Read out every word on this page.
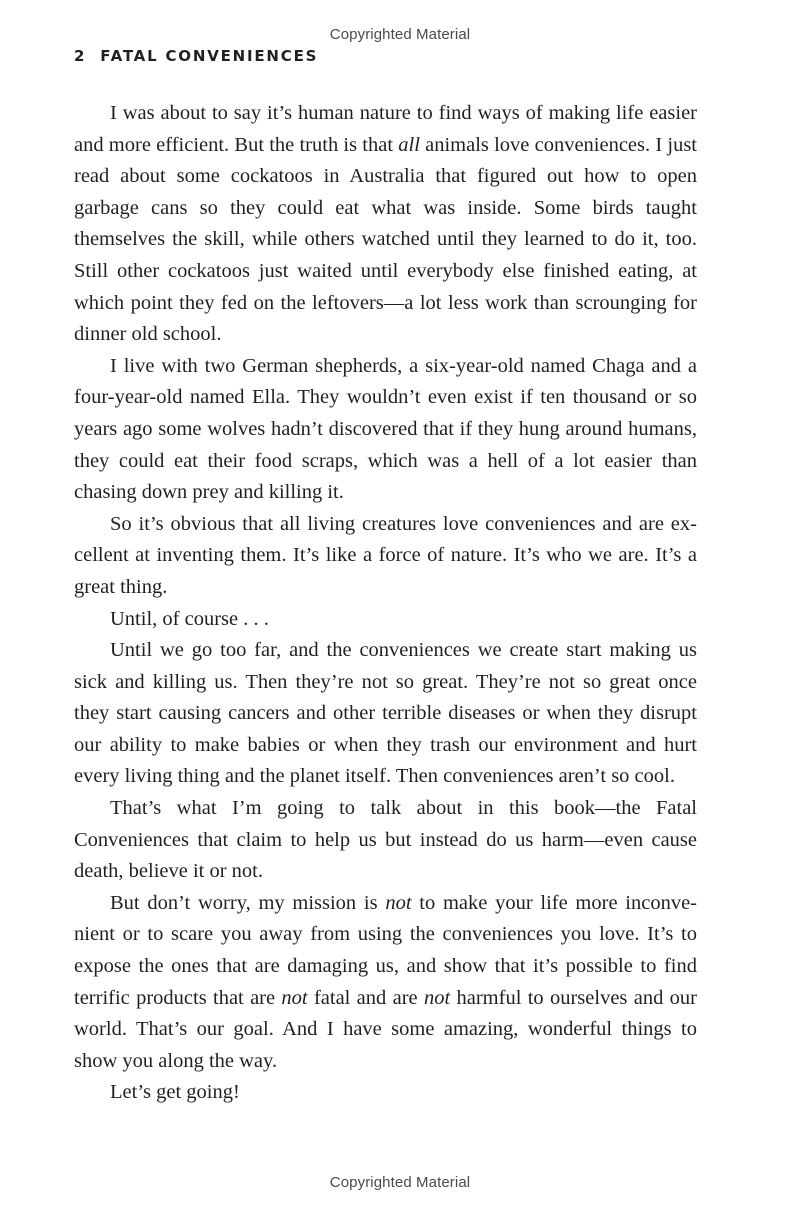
Copyrighted Material
2 FATAL CONVENIENCES

I was about to say it’s human nature to find ways of making life easier and more efficient. But the truth is that all animals love conveniences. I just read about some cockatoos in Australia that figured out how to open garbage cans so they could eat what was inside. Some birds taught themselves the skill, while others watched until they learned to do it, too. Still other cockatoos just waited until everybody else finished eating, at which point they fed on the leftovers—a lot less work than scrounging for dinner old school.

I live with two German shepherds, a six-year-old named Chaga and a four-year-old named Ella. They wouldn’t even exist if ten thousand or so years ago some wolves hadn’t discovered that if they hung around humans, they could eat their food scraps, which was a hell of a lot easier than chasing down prey and killing it.

So it’s obvious that all living creatures love conveniences and are excellent at inventing them. It’s like a force of nature. It’s who we are. It’s a great thing.

Until, of course . . .

Until we go too far, and the conveniences we create start making us sick and killing us. Then they’re not so great. They’re not so great once they start causing cancers and other terrible diseases or when they disrupt our ability to make babies or when they trash our environment and hurt every living thing and the planet itself. Then conveniences aren’t so cool.

That’s what I’m going to talk about in this book—the Fatal Conveniences that claim to help us but instead do us harm—even cause death, believe it or not.

But don’t worry, my mission is not to make your life more inconvenient or to scare you away from using the conveniences you love. It’s to expose the ones that are damaging us, and show that it’s possible to find terrific products that are not fatal and are not harmful to ourselves and our world. That’s our goal. And I have some amazing, wonderful things to show you along the way.

Let’s get going!

Copyrighted Material
